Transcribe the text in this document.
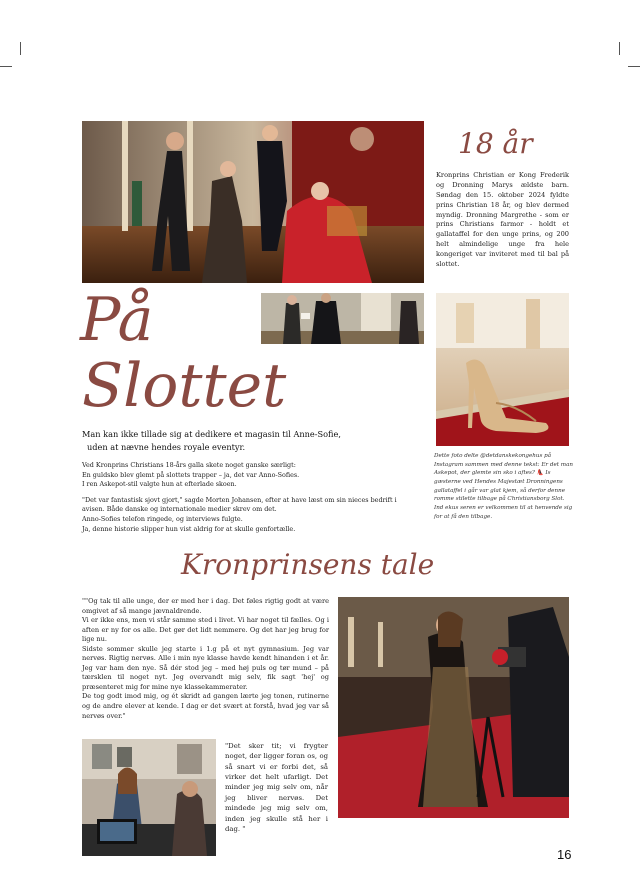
18 år
Kronprins Christian er Kong Frederik og Dronning Marys ældste barn. Søndag den 15. oktober 2024 fyldte prins Christian 18 år, og blev dermed myndig. Dronning Margrethe - som er prins Christians farmor - holdt et gallataffel for den unge prins, og 200 helt almindelige unge fra hele kongeriget var inviteret med til bal på slottet.
På
Slottet

Man kan ikke tillade sig at dedikere et magasin til Anne-Sofie,

uden at nævne hendes royale eventyr.

Ved Kronprins Christians 18-års galla skete noget ganske særligt:

En guldsko blev glemt på slottets trapper – ja, det var Anno-Sofies.

I ren Askepot-stil valgte hun at efterlade skoen.

"Det var fantastisk sjovt gjort," sagde Morten Johansen, efter at have læst om sin nieces bedrift i avisen. Både danske og internationale medier skrev om det.

Anno-Sofies telefon ringede, og interviews fulgte.

Ja, denne historie slipper hun vist aldrig for at skulle genfortælle.

Dette foto delte @detdanskekongehus på Instagram sammen med denne tekst: Er det man Askepot, der glemte sin sko i aftes? 👠 Is gæsterne ved Hendes Majestæt Dronningens gallataffel i går var glat kjem, så derfor denne romme stilette tilbage på Christiansborg Slot. Ind ekus seren er velkommen til at henvende sig for at få den tilbage.
Kronprinsens tale
""Og tak til alle unge, der er med her i dag. Det føles rigtig godt at være omgivet af så mange jævnaldrende.
Vi er ikke ens, men vi står samme sted i livet. Vi har noget til fælles. Og i aften er ny for os alle. Det gør det lidt nemmere. Og det har jeg brug for lige nu.
Sidste sommer skulle jeg starte i 1.g på et nyt gymnasium. Jeg var nervøs. Rigtig nervøs. Alle i min nye klasse havde kendt hinanden i et år. Jeg var ham den nye. Så dér stod jeg – med høj puls og tør mund – på tærsklen til noget nyt. Jeg overvandt mig selv, fik sagt 'hej' og præsenteret mig for mine nye klassekammerater.
De tog godt imod mig, og ét skridt ad gangen lærte jeg tonen, rutinerne og de andre elever at kende. I dag er det svært at forstå, hvad jeg var så nervøs over."
"Det sker tit; vi frygter noget, der ligger foran os, og så snart vi er forbi det, så virker det helt ufarligt. Det minder jeg mig selv om, når jeg bliver nervøs. Det mindede jeg mig selv om, inden jeg skulle stå her i dag. "
16
